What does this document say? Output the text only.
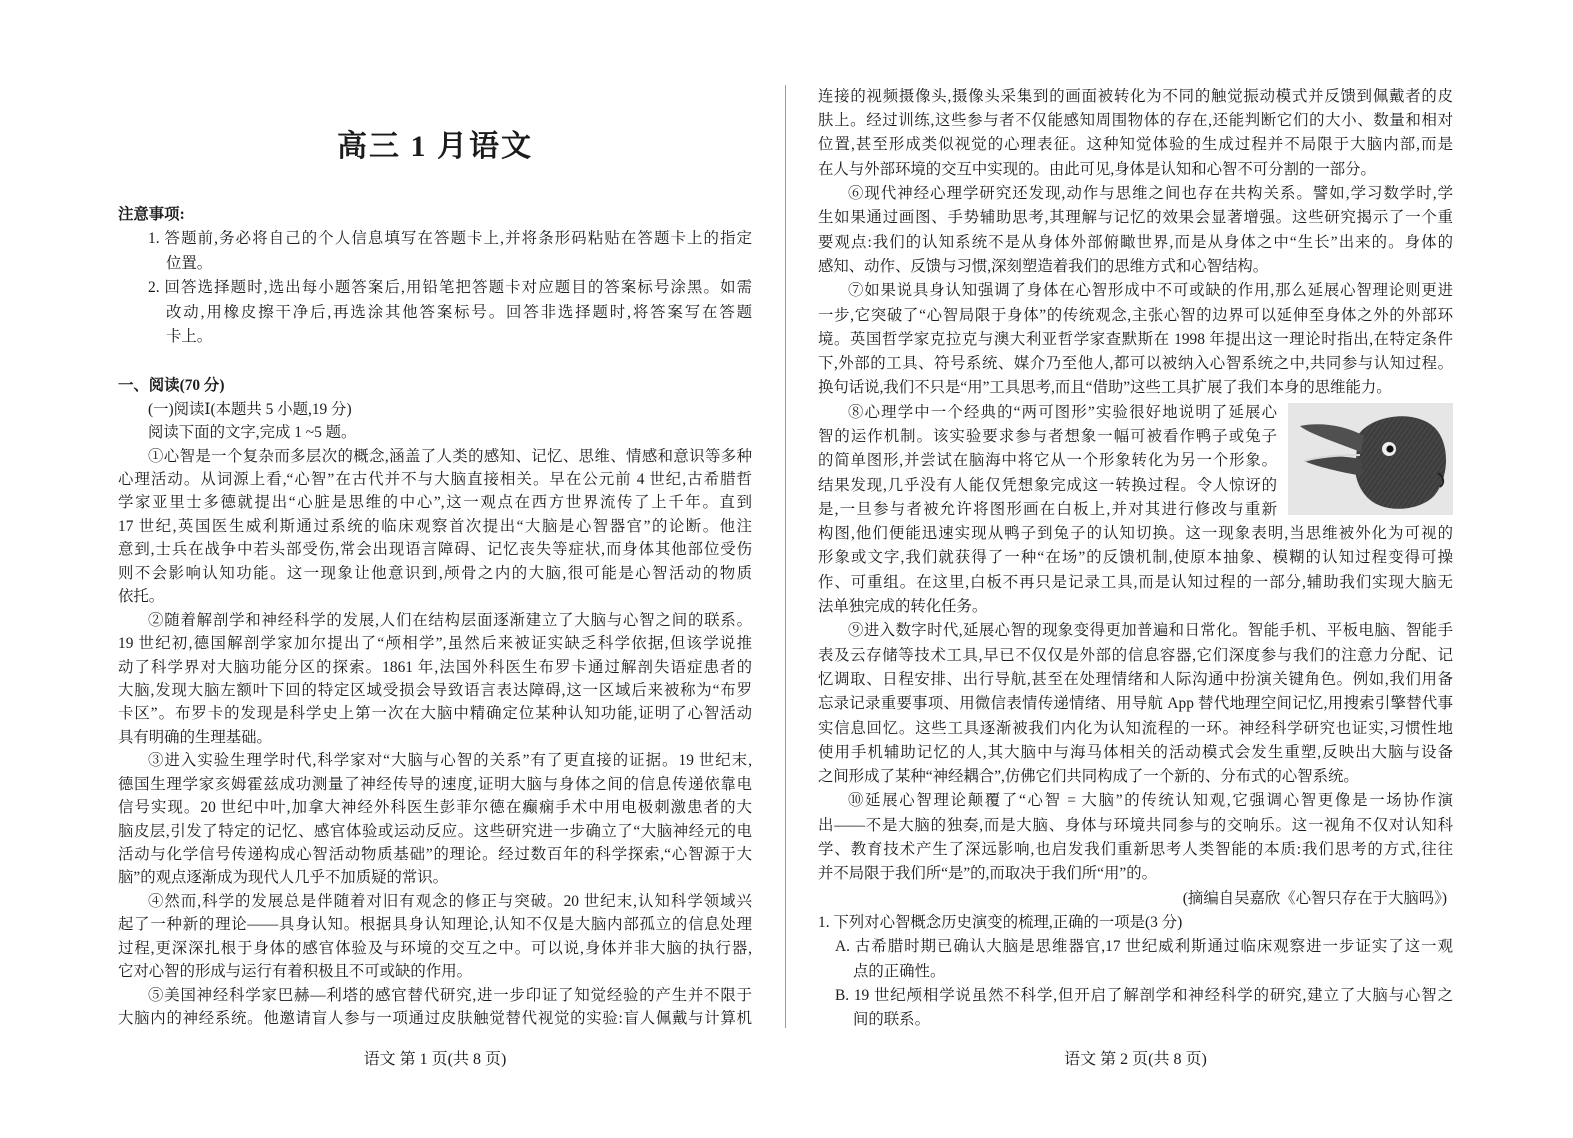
高三 1 月语文
注意事项:
1. 答题前,务必将自己的个人信息填写在答题卡上,并将条形码粘贴在答题卡上的指定
位置。
2. 回答选择题时,选出每小题答案后,用铅笔把答题卡对应题目的答案标号涂黑。如需
改动,用橡皮擦干净后,再选涂其他答案标号。回答非选择题时,将答案写在答题
卡上。
一、阅读(70 分)
(一)阅读Ⅰ(本题共 5 小题,19 分)
阅读下面的文字,完成 1 ~5 题。
①心智是一个复杂而多层次的概念,涵盖了人类的感知、记忆、思维、情感和意识等多种
心理活动。从词源上看,“心智”在古代并不与大脑直接相关。早在公元前 4 世纪,古希腊哲
学家亚里士多德就提出“心脏是思维的中心”,这一观点在西方世界流传了上千年。直到
17 世纪,英国医生威利斯通过系统的临床观察首次提出“大脑是心智器官”的论断。他注
意到,士兵在战争中若头部受伤,常会出现语言障碍、记忆丧失等症状,而身体其他部位受伤
则不会影响认知功能。这一现象让他意识到,颅骨之内的大脑,很可能是心智活动的物质
依托。
②随着解剖学和神经科学的发展,人们在结构层面逐渐建立了大脑与心智之间的联系。
19 世纪初,德国解剖学家加尔提出了“颅相学”,虽然后来被证实缺乏科学依据,但该学说推
动了科学界对大脑功能分区的探索。1861 年,法国外科医生布罗卡通过解剖失语症患者的
大脑,发现大脑左额叶下回的特定区域受损会导致语言表达障碍,这一区域后来被称为“布罗
卡区”。布罗卡的发现是科学史上第一次在大脑中精确定位某种认知功能,证明了心智活动
具有明确的生理基础。
③进入实验生理学时代,科学家对“大脑与心智的关系”有了更直接的证据。19 世纪末,
德国生理学家亥姆霍兹成功测量了神经传导的速度,证明大脑与身体之间的信息传递依靠电
信号实现。20 世纪中叶,加拿大神经外科医生彭菲尔德在癫痫手术中用电极刺激患者的大
脑皮层,引发了特定的记忆、感官体验或运动反应。这些研究进一步确立了“大脑神经元的电
活动与化学信号传递构成心智活动物质基础”的理论。经过数百年的科学探索,“心智源于大
脑”的观点逐渐成为现代人几乎不加质疑的常识。
④然而,科学的发展总是伴随着对旧有观念的修正与突破。20 世纪末,认知科学领域兴
起了一种新的理论——具身认知。根据具身认知理论,认知不仅是大脑内部孤立的信息处理
过程,更深深扎根于身体的感官体验及与环境的交互之中。可以说,身体并非大脑的执行器,
它对心智的形成与运行有着积极且不可或缺的作用。
⑤美国神经科学家巴赫—利塔的感官替代研究,进一步印证了知觉经验的产生并不限于
大脑内的神经系统。他邀请盲人参与一项通过皮肤触觉替代视觉的实验:盲人佩戴与计算机
语文 第 1 页(共 8 页)
连接的视频摄像头,摄像头采集到的画面被转化为不同的触觉振动模式并反馈到佩戴者的皮
肤上。经过训练,这些参与者不仅能感知周围物体的存在,还能判断它们的大小、数量和相对
位置,甚至形成类似视觉的心理表征。这种知觉体验的生成过程并不局限于大脑内部,而是
在人与外部环境的交互中实现的。由此可见,身体是认知和心智不可分割的一部分。
⑥现代神经心理学研究还发现,动作与思维之间也存在共构关系。譬如,学习数学时,学
生如果通过画图、手势辅助思考,其理解与记忆的效果会显著增强。这些研究揭示了一个重
要观点:我们的认知系统不是从身体外部俯瞰世界,而是从身体之中“生长”出来的。身体的
感知、动作、反馈与习惯,深刻塑造着我们的思维方式和心智结构。
⑦如果说具身认知强调了身体在心智形成中不可或缺的作用,那么延展心智理论则更进
一步,它突破了“心智局限于身体”的传统观念,主张心智的边界可以延伸至身体之外的外部环
境。英国哲学家克拉克与澳大利亚哲学家查默斯在 1998 年提出这一理论时指出,在特定条件
下,外部的工具、符号系统、媒介乃至他人,都可以被纳入心智系统之中,共同参与认知过程。
换句话说,我们不只是“用”工具思考,而且“借助”这些工具扩展了我们本身的思维能力。
⑧心理学中一个经典的“两可图形”实验很好地说明了延展心
智的运作机制。该实验要求参与者想象一幅可被看作鸭子或兔子
的简单图形,并尝试在脑海中将它从一个形象转化为另一个形象。
结果发现,几乎没有人能仅凭想象完成这一转换过程。令人惊讶的
是,一旦参与者被允许将图形画在白板上,并对其进行修改与重新
构图,他们便能迅速实现从鸭子到兔子的认知切换。这一现象表明,当思维被外化为可视的
形象或文字,我们就获得了一种“在场”的反馈机制,使原本抽象、模糊的认知过程变得可操
作、可重组。在这里,白板不再只是记录工具,而是认知过程的一部分,辅助我们实现大脑无
法单独完成的转化任务。
⑨进入数字时代,延展心智的现象变得更加普遍和日常化。智能手机、平板电脑、智能手
表及云存储等技术工具,早已不仅仅是外部的信息容器,它们深度参与我们的注意力分配、记
忆调取、日程安排、出行导航,甚至在处理情绪和人际沟通中扮演关键角色。例如,我们用备
忘录记录重要事项、用微信表情传递情绪、用导航 App 替代地理空间记忆,用搜索引擎替代事
实信息回忆。这些工具逐渐被我们内化为认知流程的一环。神经科学研究也证实,习惯性地
使用手机辅助记忆的人,其大脑中与海马体相关的活动模式会发生重塑,反映出大脑与设备
之间形成了某种“神经耦合”,仿佛它们共同构成了一个新的、分布式的心智系统。
⑩延展心智理论颠覆了“心智 = 大脑”的传统认知观,它强调心智更像是一场协作演
出——不是大脑的独奏,而是大脑、身体与环境共同参与的交响乐。这一视角不仅对认知科
学、教育技术产生了深远影响,也启发我们重新思考人类智能的本质:我们思考的方式,往往
并不局限于我们所“是”的,而取决于我们所“用”的。
(摘编自吴嘉欣《心智只存在于大脑吗》)
1. 下列对心智概念历史演变的梳理,正确的一项是(3 分)
A. 古希腊时期已确认大脑是思维器官,17 世纪威利斯通过临床观察进一步证实了这一观
点的正确性。
B. 19 世纪颅相学说虽然不科学,但开启了解剖学和神经科学的研究,建立了大脑与心智之
间的联系。
语文 第 2 页(共 8 页)
